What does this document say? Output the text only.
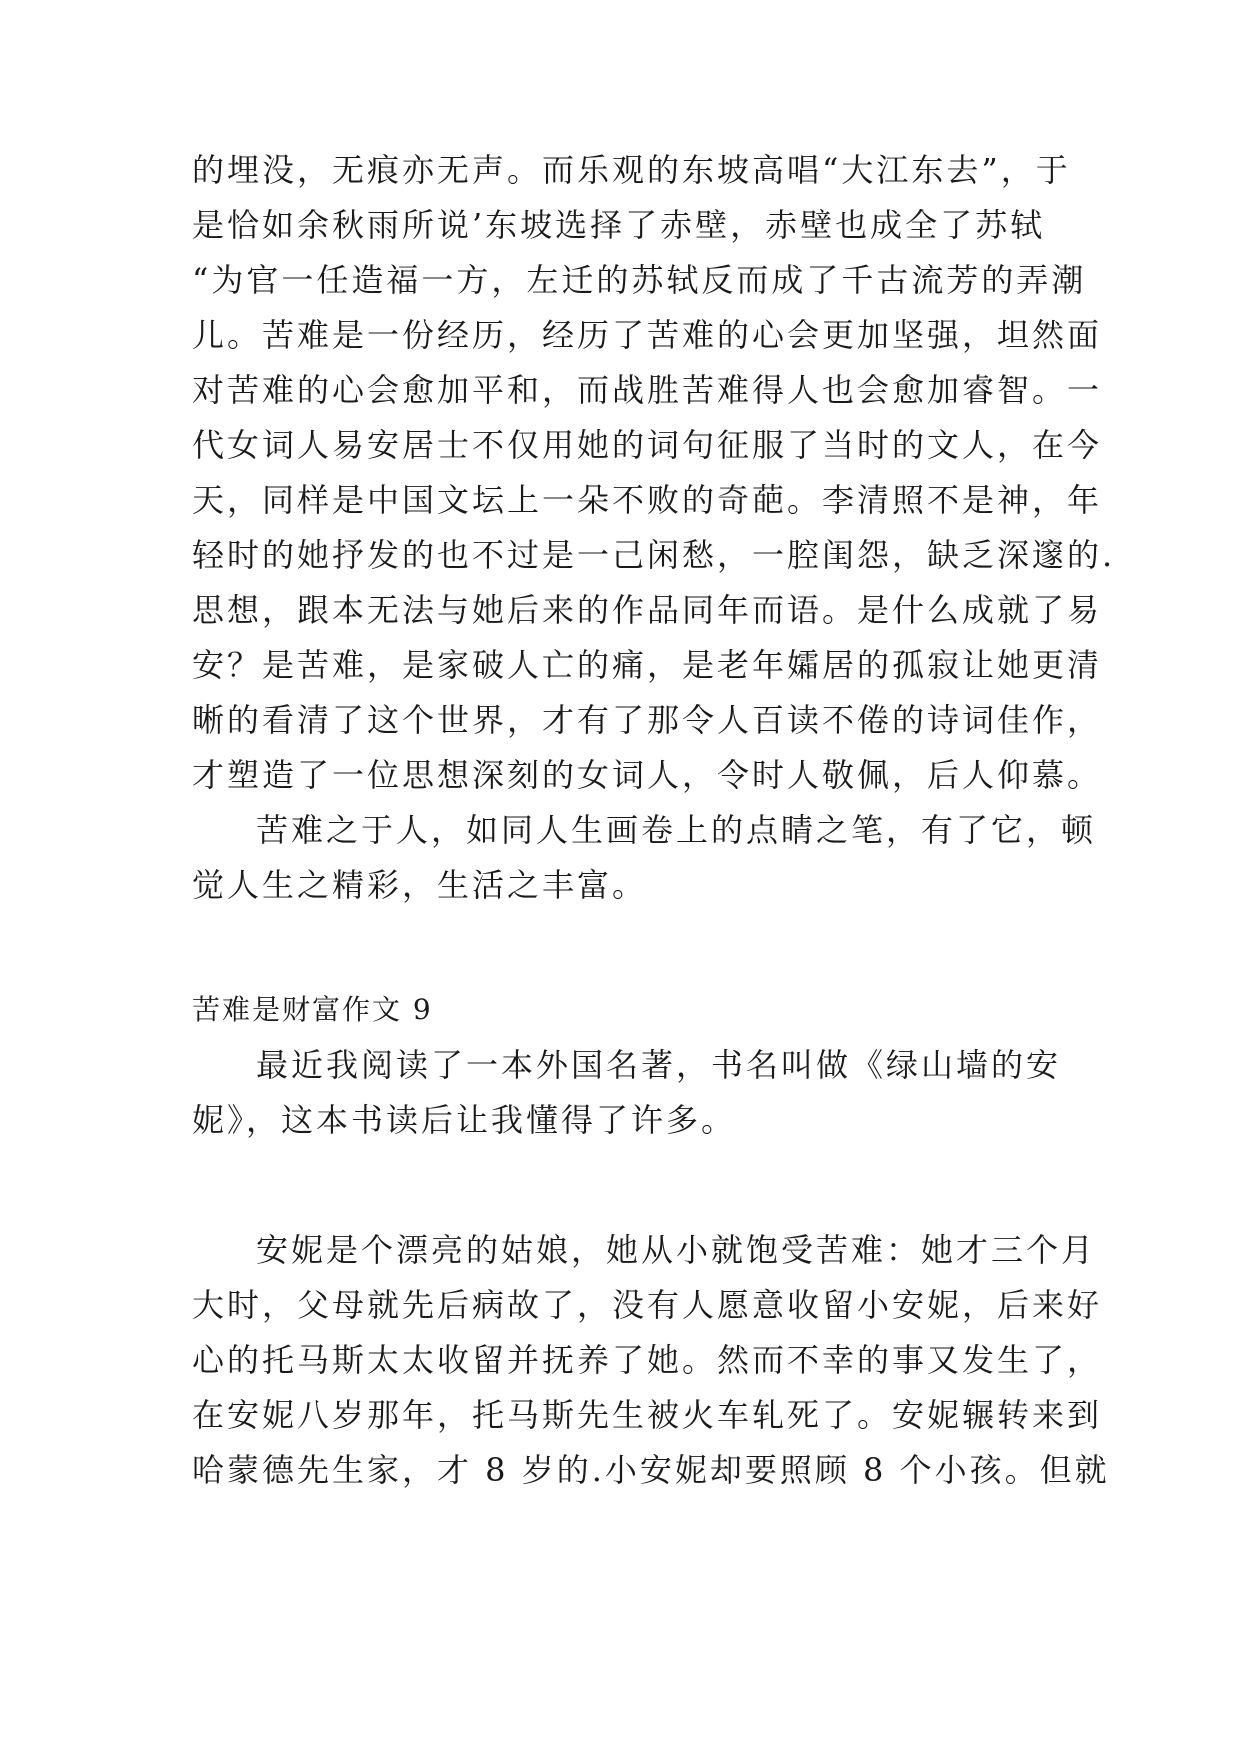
的埋没，无痕亦无声。而乐观的东坡高唱“大江东去”，于
是恰如余秋雨所说’东坡选择了赤壁，赤壁也成全了苏轼
“为官一任造福一方，左迁的苏轼反而成了千古流芳的弄潮
儿。苦难是一份经历，经历了苦难的心会更加坚强，坦然面
对苦难的心会愈加平和，而战胜苦难得人也会愈加睿智。一
代女词人易安居士不仅用她的词句征服了当时的文人，在今
天，同样是中国文坛上一朵不败的奇葩。李清照不是神，年
轻时的她抒发的也不过是一己闲愁，一腔闺怨，缺乏深邃的.
思想，跟本无法与她后来的作品同年而语。是什么成就了易
安？是苦难，是家破人亡的痛，是老年孀居的孤寂让她更清
晰的看清了这个世界，才有了那令人百读不倦的诗词佳作，
才塑造了一位思想深刻的女词人，令时人敬佩，后人仰慕。
苦难之于人，如同人生画卷上的点睛之笔，有了它，顿
觉人生之精彩，生活之丰富。
苦难是财富作文 9
最近我阅读了一本外国名著，书名叫做《绿山墙的安
妮》，这本书读后让我懂得了许多。
安妮是个漂亮的姑娘，她从小就饱受苦难：她才三个月
大时，父母就先后病故了，没有人愿意收留小安妮，后来好
心的托马斯太太收留并抚养了她。然而不幸的事又发生了，
在安妮八岁那年，托马斯先生被火车轧死了。安妮辗转来到
哈蒙德先生家，才 8 岁的.小安妮却要照顾 8 个小孩。但就
